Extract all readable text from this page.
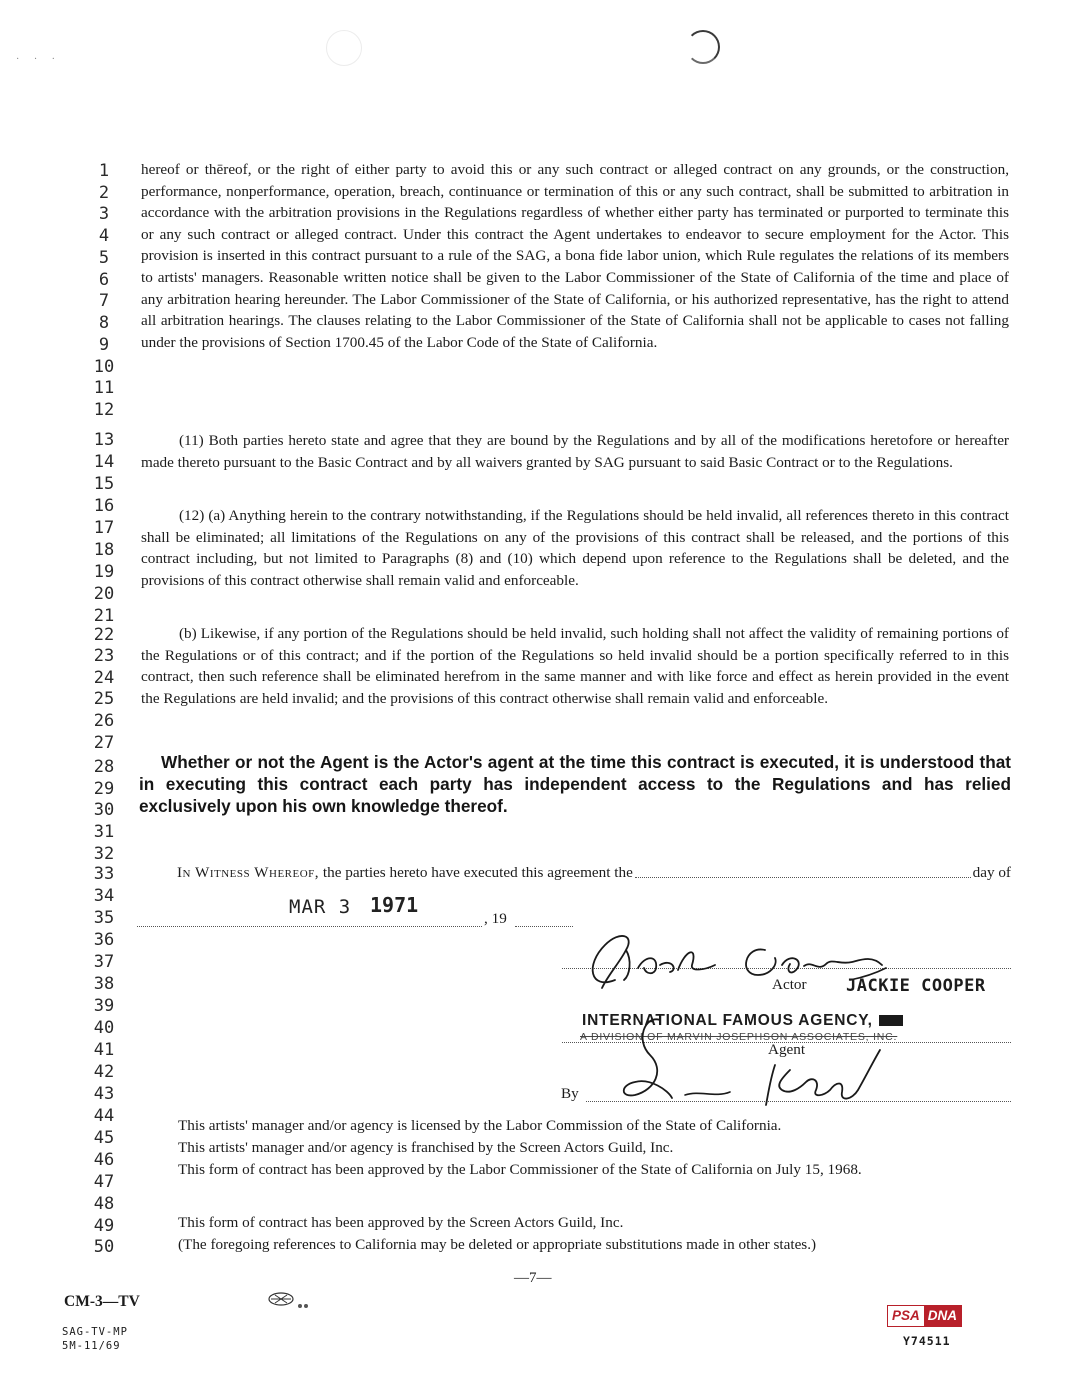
· · ·
1
2
3
4
5
6
7
8
9
10
11
12
13
14
15
16
17
18
19
20
21
22
23
24
25
26
27
28
29
30
31
32
33
34
35
36
37
38
39
40
41
42
43
44
45
46
47
48
49
50

hereof or thēreof, or the right of either party to avoid this or any such contract or alleged contract on any grounds, or the construction, performance, nonperformance, operation, breach, continuance or termination of this or any such contract, shall be submitted to arbitration in accordance with the arbitration provisions in the Regulations regardless of whether either party has terminated or purported to terminate this or any such contract or alleged contract. Under this contract the Agent undertakes to endeavor to secure employment for the Actor. This provision is inserted in this contract pursuant to a rule of the SAG, a bona fide labor union, which Rule regulates the relations of its members to artists' managers. Reasonable written notice shall be given to the Labor Commissioner of the State of California of the time and place of any arbitration hearing hereunder. The Labor Commissioner of the State of California, or his authorized representative, has the right to attend all arbitration hearings. The clauses relating to the Labor Commissioner of the State of California shall not be applicable to cases not falling under the provisions of Section 1700.45 of the Labor Code of the State of California.

(11) Both parties hereto state and agree that they are bound by the Regulations and by all of the modifications heretofore or hereafter made thereto pursuant to the Basic Contract and by all waivers granted by SAG pursuant to said Basic Contract or to the Regulations.

(12) (a) Anything herein to the contrary notwithstanding, if the Regulations should be held invalid, all references thereto in this contract shall be eliminated; all limitations of the Regulations on any of the provisions of this contract shall be released, and the portions of this contract including, but not limited to Paragraphs (8) and (10) which depend upon reference to the Regulations shall be deleted, and the provisions of this contract otherwise shall remain valid and enforceable.

(b) Likewise, if any portion of the Regulations should be held invalid, such holding shall not affect the validity of remaining portions of the Regulations or of this contract; and if the portion of the Regulations so held invalid should be a portion specifically referred to in this contract, then such reference shall be eliminated herefrom in the same manner and with like force and effect as herein provided in the event the Regulations are held invalid; and the provisions of this contract otherwise shall remain valid and enforceable.

Whether or not the Agent is the Actor's agent at the time this contract is executed, it is understood that in executing this contract each party has independent access to the Regulations and has relied exclusively upon his own knowledge thereof.

In Witness Whereof, the parties hereto have executed this agreement the	day of
, 19
MAR 3 1971
Actor JACKIE COOPER
INTERNATIONAL FAMOUS AGENCY,
A DIVISION OF MARVIN JOSEPHSON ASSOCIATES, INC.
Agent
By

This artists' manager and/or agency is licensed by the Labor Commission of the State of California.

This artists' manager and/or agency is franchised by the Screen Actors Guild, Inc.

This form of contract has been approved by the Labor Commissioner of the State of California on July 15, 1968.

This form of contract has been approved by the Screen Actors Guild, Inc.

(The foregoing references to California may be deleted or appropriate substitutions made in other states.)

—7—
CM-3—TV
SAG-TV-MP
5M-11/69
PSA DNA
Y74511
